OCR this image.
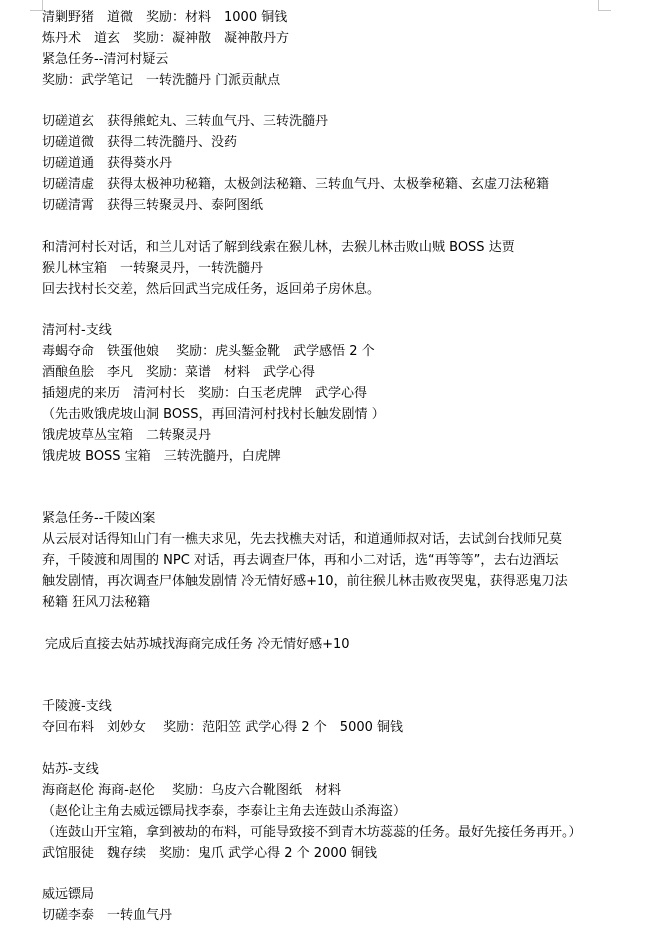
清剿野猪　道微　奖励：材料　1000 铜钱
炼丹术　道玄　奖励：凝神散　凝神散丹方
紧急任务--清河村疑云
奖励：武学笔记　一转洗髓丹 门派贡献点
切磋道玄　获得熊蛇丸、三转血气丹、三转洗髓丹
切磋道微　获得二转洗髓丹、没药
切磋道通　获得葵水丹
切磋清虚　获得太极神功秘籍，太极剑法秘籍、三转血气丹、太极拳秘籍、玄虚刀法秘籍
切磋清霄　获得三转聚灵丹、泰阿图纸
和清河村长对话，和兰儿对话了解到线索在猴儿林，去猴儿林击败山贼 BOSS 达贾
猴儿林宝箱　一转聚灵丹，一转洗髓丹
回去找村长交差，然后回武当完成任务，返回弟子房休息。
清河村-支线
毒蝎夺命　铁蛋他娘　 奖励：虎头錾金靴　武学感悟 2 个
酒酿鱼脍　李凡　奖励：菜谱　材料　武学心得
插翅虎的来历　清河村长　奖励：白玉老虎牌　武学心得
（先击败饿虎坡山洞 BOSS，再回清河村找村长触发剧情 ）
饿虎坡草丛宝箱　二转聚灵丹
饿虎坡 BOSS 宝箱　三转洗髓丹，白虎牌
紧急任务--千陵凶案
从云辰对话得知山门有一樵夫求见，先去找樵夫对话，和道通师叔对话，去试剑台找师兄莫
弃，千陵渡和周围的 NPC 对话，再去调查尸体，再和小二对话，选“再等等”，去右边酒坛
触发剧情，再次调查尸体触发剧情 冷无情好感+10，前往猴儿林击败夜哭鬼，获得恶鬼刀法
秘籍 狂风刀法秘籍
完成后直接去姑苏城找海商完成任务 冷无情好感+10
千陵渡-支线
夺回布料　刘妙女　 奖励：范阳笠 武学心得 2 个　5000 铜钱
姑苏-支线
海商赵伦 海商-赵伦　 奖励：乌皮六合靴图纸　材料
（赵伦让主角去威远镖局找李泰，李泰让主角去连鼓山杀海盗）
（连鼓山开宝箱，拿到被劫的布料，可能导致接不到青木坊蕊蕊的任务。最好先接任务再开。）
武馆服徒　魏存续　奖励：鬼爪 武学心得 2 个 2000 铜钱
威远镖局
切磋李泰　一转血气丹
